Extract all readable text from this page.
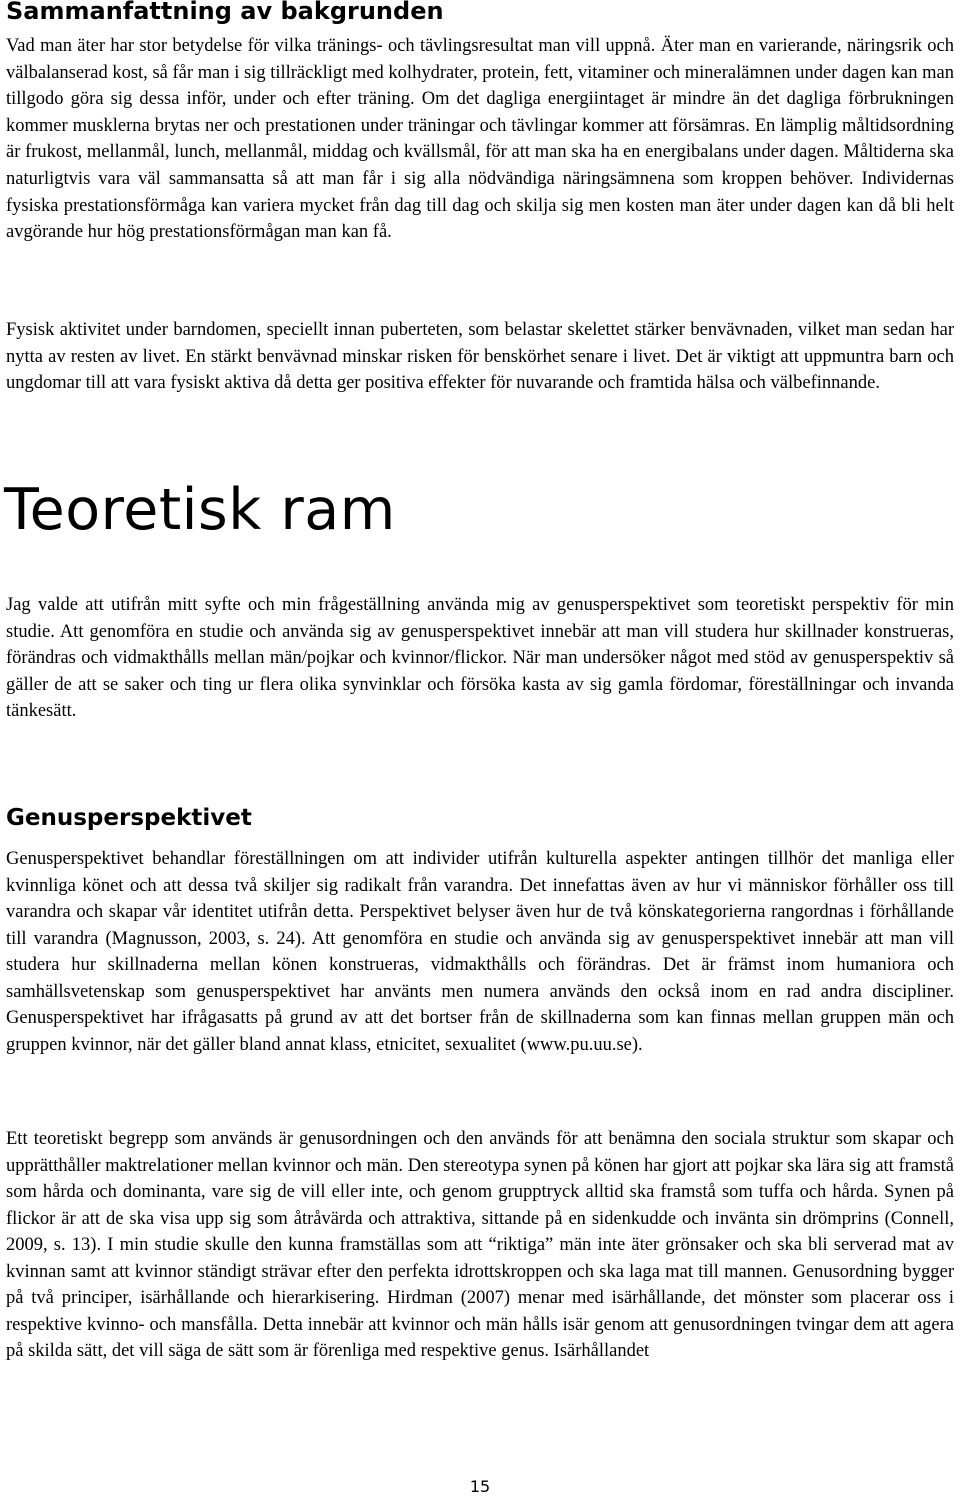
Sammanfattning av bakgrunden

Vad man äter har stor betydelse för vilka tränings- och tävlingsresultat man vill uppnå. Äter man en varierande, näringsrik och välbalanserad kost, så får man i sig tillräckligt med kolhydrater, protein, fett, vitaminer och mineralämnen under dagen kan man tillgodo göra sig dessa inför, under och efter träning. Om det dagliga energiintaget är mindre än det dagliga förbrukningen kommer musklerna brytas ner och prestationen under träningar och tävlingar kommer att försämras. En lämplig måltidsordning är frukost, mellanmål, lunch, mellanmål, middag och kvällsmål, för att man ska ha en energibalans under dagen. Måltiderna ska naturligtvis vara väl sammansatta så att man får i sig alla nödvändiga näringsämnena som kroppen behöver. Individernas fysiska prestationsförmåga kan variera mycket från dag till dag och skilja sig men kosten man äter under dagen kan då bli helt avgörande hur hög prestationsförmågan man kan få.

Fysisk aktivitet under barndomen, speciellt innan puberteten, som belastar skelettet stärker benvävnaden, vilket man sedan har nytta av resten av livet. En stärkt benvävnad minskar risken för benskörhet senare i livet. Det är viktigt att uppmuntra barn och ungdomar till att vara fysiskt aktiva då detta ger positiva effekter för nuvarande och framtida hälsa och välbefinnande.

Teoretisk ram

Jag valde att utifrån mitt syfte och min frågeställning använda mig av genusperspektivet som teoretiskt perspektiv för min studie. Att genomföra en studie och använda sig av genusperspektivet innebär att man vill studera hur skillnader konstrueras, förändras och vidmakthålls mellan män/pojkar och kvinnor/flickor. När man undersöker något med stöd av genusperspektiv så gäller de att se saker och ting ur flera olika synvinklar och försöka kasta av sig gamla fördomar, föreställningar och invanda tänkesätt.

Genusperspektivet

Genusperspektivet behandlar föreställningen om att individer utifrån kulturella aspekter antingen tillhör det manliga eller kvinnliga könet och att dessa två skiljer sig radikalt från varandra. Det innefattas även av hur vi människor förhåller oss till varandra och skapar vår identitet utifrån detta. Perspektivet belyser även hur de två könskategorierna rangordnas i förhållande till varandra (Magnusson, 2003, s. 24). Att genomföra en studie och använda sig av genusperspektivet innebär att man vill studera hur skillnaderna mellan könen konstrueras, vidmakthålls och förändras. Det är främst inom humaniora och samhällsvetenskap som genusperspektivet har använts men numera används den också inom en rad andra discipliner. Genusperspektivet har ifrågasatts på grund av att det bortser från de skillnaderna som kan finnas mellan gruppen män och gruppen kvinnor, när det gäller bland annat klass, etnicitet, sexualitet (www.pu.uu.se).

Ett teoretiskt begrepp som används är genusordningen och den används för att benämna den sociala struktur som skapar och upprätthåller maktrelationer mellan kvinnor och män. Den stereotypa synen på könen har gjort att pojkar ska lära sig att framstå som hårda och dominanta, vare sig de vill eller inte, och genom grupptryck alltid ska framstå som tuffa och hårda. Synen på flickor är att de ska visa upp sig som åtråvärda och attraktiva, sittande på en sidenkudde och invänta sin drömprins (Connell, 2009, s. 13). I min studie skulle den kunna framställas som att “riktiga” män inte äter grönsaker och ska bli serverad mat av kvinnan samt att kvinnor ständigt strävar efter den perfekta idrottskroppen och ska laga mat till mannen. Genusordning bygger på två principer, isärhållande och hierarkisering. Hirdman (2007) menar med isärhållande, det mönster som placerar oss i respektive kvinno- och mansfålla. Detta innebär att kvinnor och män hålls isär genom att genusordningen tvingar dem att agera på skilda sätt, det vill säga de sätt som är förenliga med respektive genus. Isärhållandet

15
